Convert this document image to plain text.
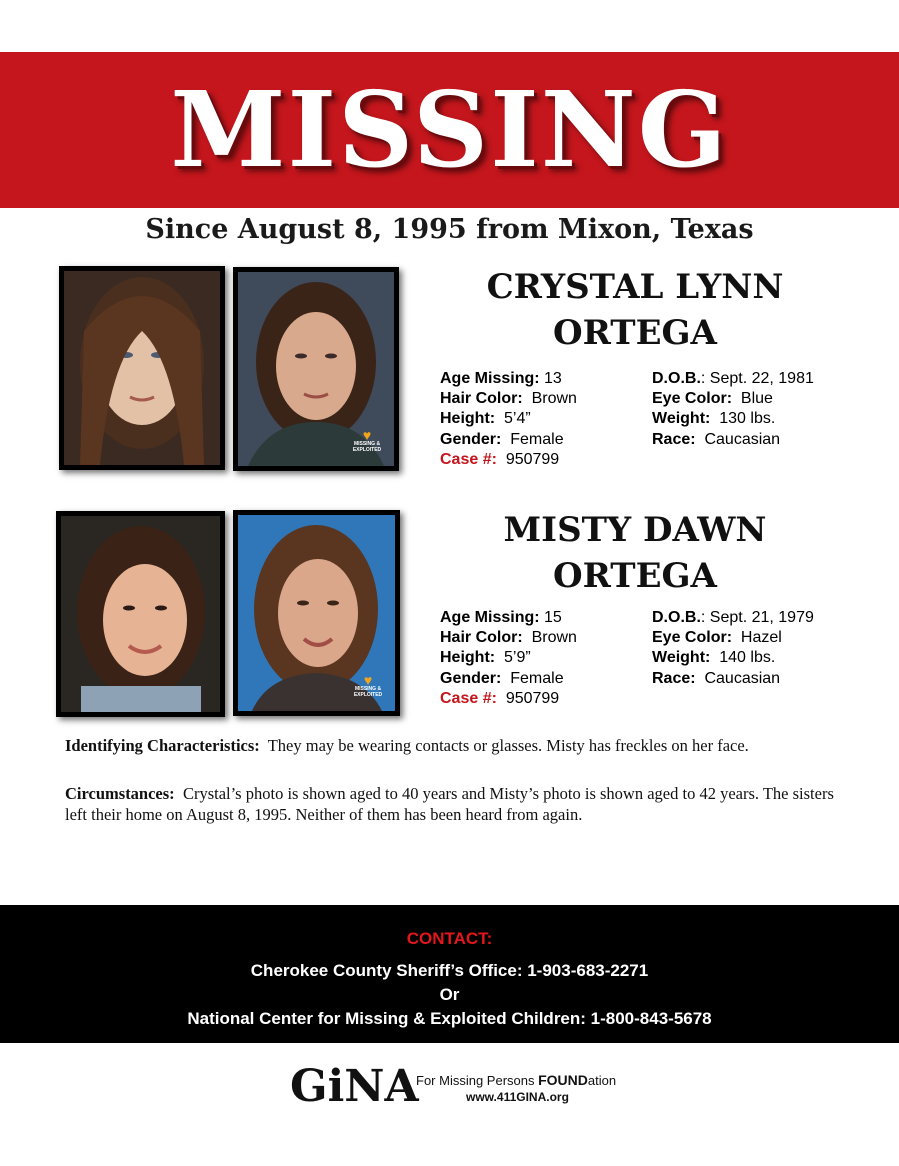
MISSING
Since August 8, 1995 from Mixon, Texas
♥
MISSING &
EXPLOITED
CRYSTAL LYNN
ORTEGA
Age Missing: 13
Hair Color: Brown
Height: 5’4”
Gender: Female
Case #: 950799
D.O.B.: Sept. 22, 1981
Eye Color: Blue
Weight: 130 lbs.
Race: Caucasian
♥
MISSING &
EXPLOITED
MISTY DAWN
ORTEGA
Age Missing: 15
Hair Color: Brown
Height: 5’9”
Gender: Female
Case #: 950799
D.O.B.: Sept. 21, 1979
Eye Color: Hazel
Weight: 140 lbs.
Race: Caucasian
Identifying Characteristics: They may be wearing contacts or glasses. Misty has freckles on her face.
Circumstances: Crystal’s photo is shown aged to 40 years and Misty’s photo is shown aged to 42 years. The sisters left their home on August 8, 1995. Neither of them has been heard from again.
CONTACT:
Cherokee County Sheriff’s Office: 1-903-683-2271
Or
National Center for Missing & Exploited Children: 1-800-843-5678
GiNA
For Missing Persons FOUNDation
www.411GINA.org
